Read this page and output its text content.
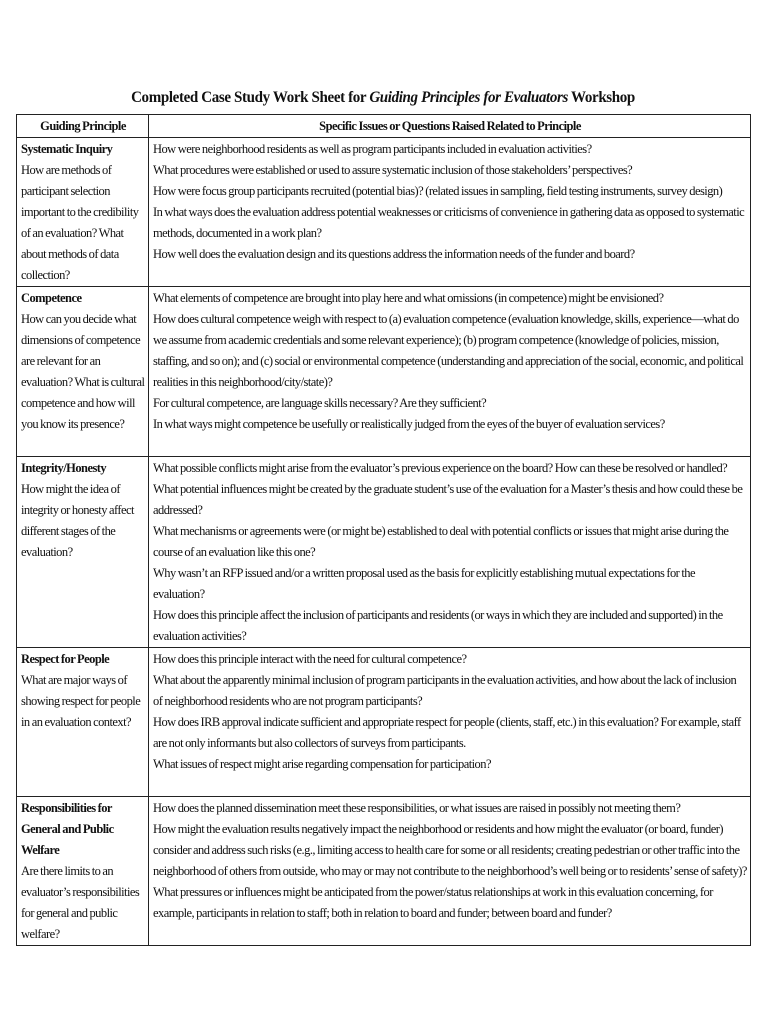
Completed Case Study Work Sheet for Guiding Principles for Evaluators Workshop
Guiding Principle	Specific Issues or Questions Raised Related to Principle

Systematic Inquiry
How are methods of participant selection important to the credibility of an evaluation? What about methods of data collection?	How were neighborhood residents as well as program participants included in evaluation activities?
What procedures were established or used to assure systematic inclusion of those stakeholders’ perspectives?
How were focus group participants recruited (potential bias)? (related issues in sampling, field testing instruments, survey design)
In what ways does the evaluation address potential weaknesses or criticisms of convenience in gathering data as opposed to systematic methods, documented in a work plan?
How well does the evaluation design and its questions address the information needs of the funder and board?

Competence
How can you decide what dimensions of competence are relevant for an evaluation? What is cultural competence and how will you know its presence?	What elements of competence are brought into play here and what omissions (in competence) might be envisioned?
How does cultural competence weigh with respect to (a) evaluation competence (evaluation knowledge, skills, experience—what do we assume from academic credentials and some relevant experience); (b) program competence (knowledge of policies, mission, staffing, and so on); and (c) social or environmental competence (understanding and appreciation of the social, economic, and political realities in this neighborhood/city/state)?
For cultural competence, are language skills necessary? Are they sufficient?
In what ways might competence be usefully or realistically judged from the eyes of the buyer of evaluation services?

Integrity/Honesty
How might the idea of integrity or honesty affect different stages of the evaluation?	What possible conflicts might arise from the evaluator’s previous experience on the board? How can these be resolved or handled? What potential influences might be created by the graduate student’s use of the evaluation for a Master’s thesis and how could these be addressed?
What mechanisms or agreements were (or might be) established to deal with potential conflicts or issues that might arise during the course of an evaluation like this one?
Why wasn’t an RFP issued and/or a written proposal used as the basis for explicitly establishing mutual expectations for the evaluation?
How does this principle affect the inclusion of participants and residents (or ways in which they are included and supported) in the evaluation activities?

Respect for People
What are major ways of showing respect for people in an evaluation context?	How does this principle interact with the need for cultural competence?
What about the apparently minimal inclusion of program participants in the evaluation activities, and how about the lack of inclusion of neighborhood residents who are not program participants?
How does IRB approval indicate sufficient and appropriate respect for people (clients, staff, etc.) in this evaluation? For example, staff are not only informants but also collectors of surveys from participants.
What issues of respect might arise regarding compensation for participation?

Responsibilities for General and Public Welfare
Are there limits to an evaluator’s responsibilities for general and public welfare?	How does the planned dissemination meet these responsibilities, or what issues are raised in possibly not meeting them?
How might the evaluation results negatively impact the neighborhood or residents and how might the evaluator (or board, funder) consider and address such risks (e.g., limiting access to health care for some or all residents; creating pedestrian or other traffic into the neighborhood of others from outside, who may or may not contribute to the neighborhood’s well being or to residents’ sense of safety)?
What pressures or influences might be anticipated from the power/status relationships at work in this evaluation concerning, for example, participants in relation to staff; both in relation to board and funder; between board and funder?
